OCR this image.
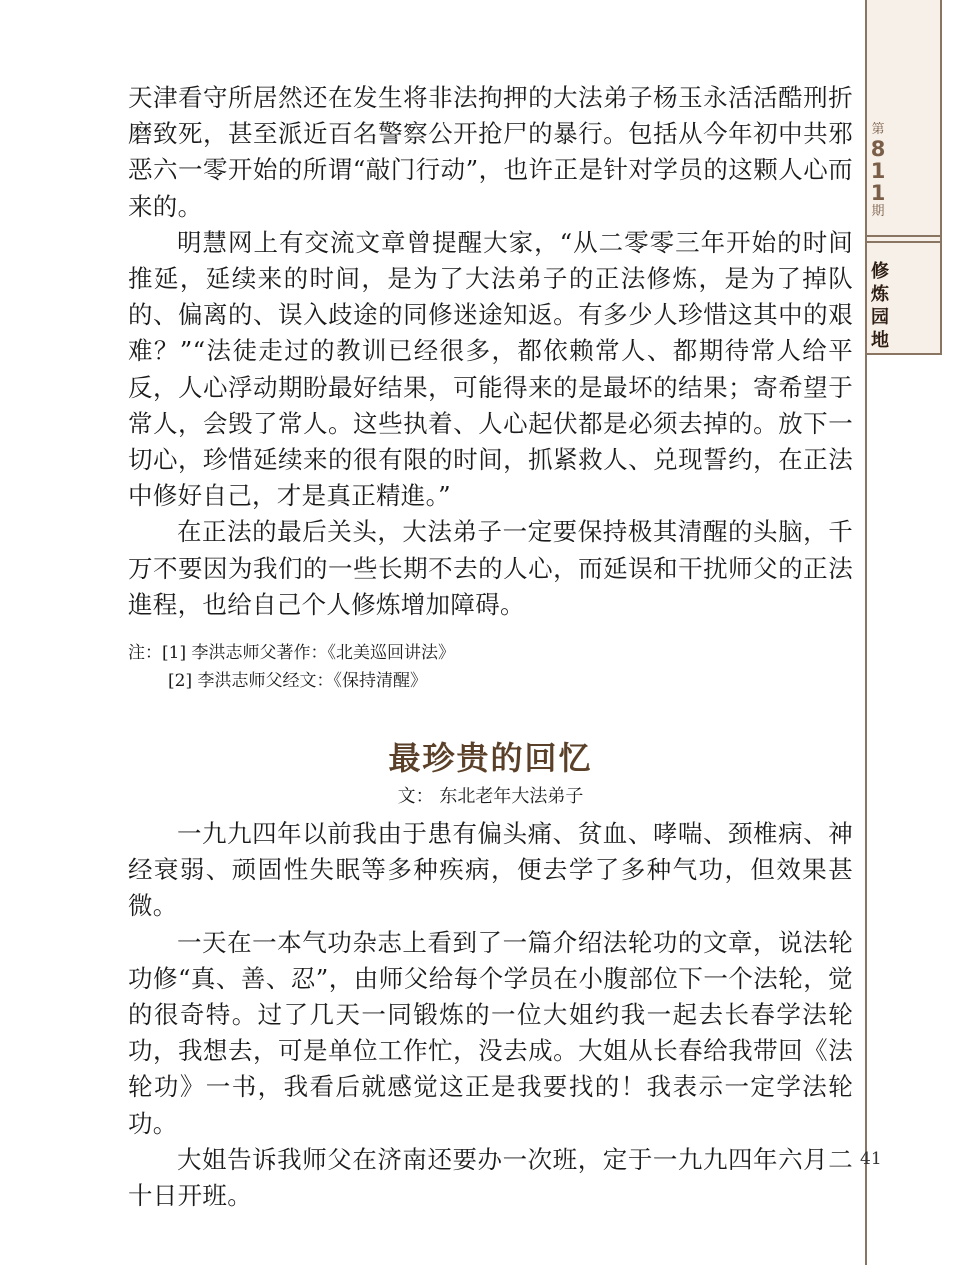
天津看守所居然还在发生将非法拘押的大法弟子杨玉永活活酷刑折磨致死，甚至派近百名警察公开抢尸的暴行。包括从今年初中共邪恶六一零开始的所谓“敲门行动”，也许正是针对学员的这颗人心而来的。

明慧网上有交流文章曾提醒大家，“从二零零三年开始的时间推延，延续来的时间，是为了大法弟子的正法修炼，是为了掉队的、偏离的、误入歧途的同修迷途知返。有多少人珍惜这其中的艰难？”“法徒走过的教训已经很多，都依赖常人、都期待常人给平反，人心浮动期盼最好结果，可能得来的是最坏的结果；寄希望于常人，会毁了常人。这些执着、人心起伏都是必须去掉的。放下一切心，珍惜延续来的很有限的时间，抓紧救人、兑现誓约，在正法中修好自己，才是真正精進。”

在正法的最后关头，大法弟子一定要保持极其清醒的头脑，千万不要因为我们的一些长期不去的人心，而延误和干扰师父的正法進程，也给自己个人修炼增加障碍。

注：[1] 李洪志师父著作：《北美巡回讲法》

[2] 李洪志师父经文：《保持清醒》

最珍贵的回忆
文： 东北老年大法弟子

一九九四年以前我由于患有偏头痛、贫血、哮喘、颈椎病、神经衰弱、顽固性失眠等多种疾病，便去学了多种气功，但效果甚微。

一天在一本气功杂志上看到了一篇介绍法轮功的文章，说法轮功修“真、善、忍”，由师父给每个学员在小腹部位下一个法轮，觉的很奇特。过了几天一同锻炼的一位大姐约我一起去长春学法轮功，我想去，可是单位工作忙，没去成。大姐从长春给我带回《法轮功》一书，我看后就感觉这正是我要找的！我表示一定学法轮功。

大姐告诉我师父在济南还要办一次班，定于一九九四年六月二十日开班。

第
8
1
1
期
修
炼
园
地
41
